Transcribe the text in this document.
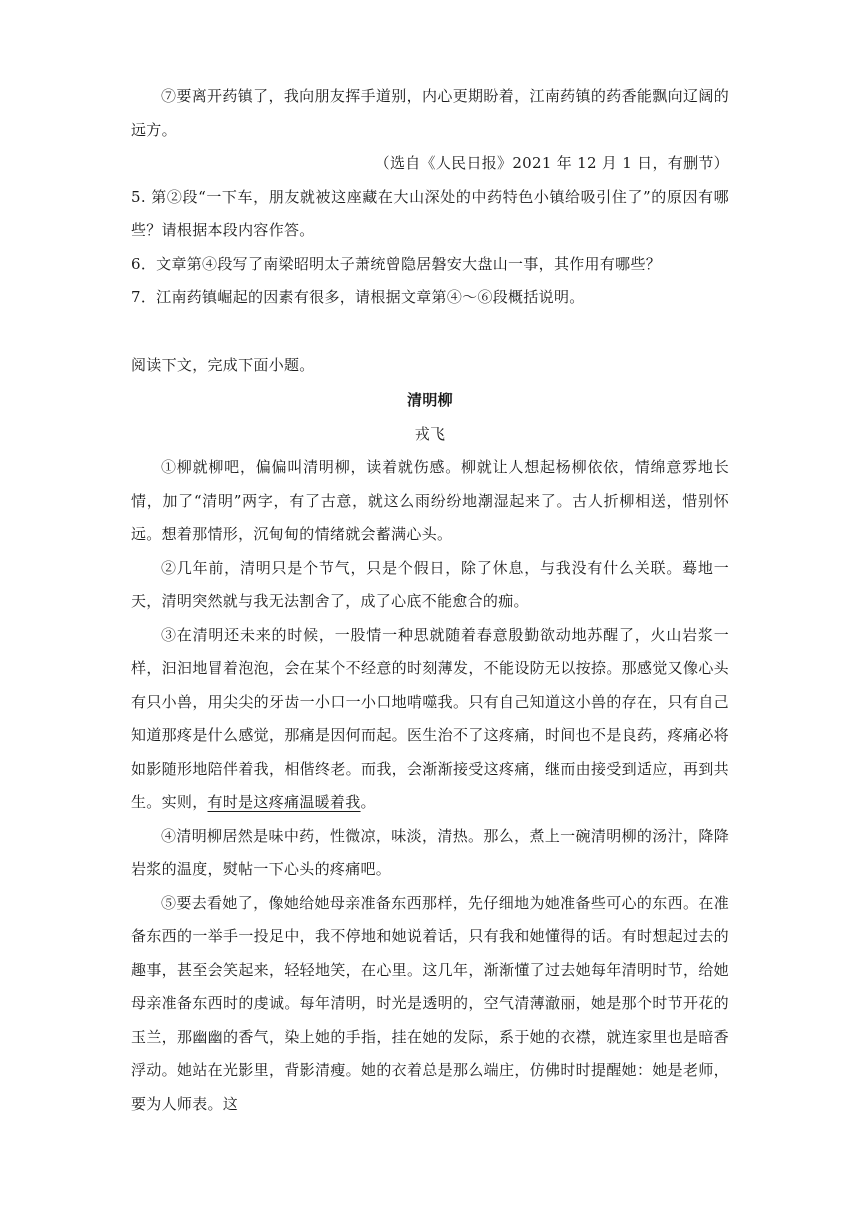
⑦要离开药镇了，我向朋友挥手道别，内心更期盼着，江南药镇的药香能飘向辽阔的远方。

（选自《人民日报》2021 年 12 月 1 日，有删节）

5. 第②段“一下车，朋友就被这座藏在大山深处的中药特色小镇给吸引住了”的原因有哪些？请根据本段内容作答。

6．文章第④段写了南梁昭明太子萧统曾隐居磐安大盘山一事，其作用有哪些？

7．江南药镇崛起的因素有很多，请根据文章第④～⑥段概括说明。

阅读下文，完成下面小题。

清明柳

戎飞

①柳就柳吧，偏偏叫清明柳，读着就伤感。柳就让人想起杨柳依依，情绵意雰地长情，加了“清明”两字，有了古意，就这么雨纷纷地潮湿起来了。古人折柳相送，惜别怀远。想着那情形，沉甸甸的情绪就会蓄满心头。

②几年前，清明只是个节气，只是个假日，除了休息，与我没有什么关联。蓦地一天，清明突然就与我无法割舍了，成了心底不能愈合的痂。

③在清明还未来的时候，一股情一种思就随着春意殷勤欲动地苏醒了，火山岩浆一样，汩汩地冒着泡泡，会在某个不经意的时刻薄发，不能设防无以按捺。那感觉又像心头有只小兽，用尖尖的牙齿一小口一小口地啃噬我。只有自己知道这小兽的存在，只有自己知道那疼是什么感觉，那痛是因何而起。医生治不了这疼痛，时间也不是良药，疼痛必将如影随形地陪伴着我，相偕终老。而我，会渐渐接受这疼痛，继而由接受到适应，再到共生。实则，有时是这疼痛温暖着我。

④清明柳居然是味中药，性微凉，味淡，清热。那么，煮上一碗清明柳的汤汁，降降岩浆的温度，熨帖一下心头的疼痛吧。

⑤要去看她了，像她给她母亲准备东西那样，先仔细地为她准备些可心的东西。在准备东西的一举手一投足中，我不停地和她说着话，只有我和她懂得的话。有时想起过去的趣事，甚至会笑起来，轻轻地笑，在心里。这几年，渐渐懂了过去她每年清明时节，给她母亲准备东西时的虔诚。每年清明，时光是透明的，空气清薄澈丽，她是那个时节开花的玉兰，那幽幽的香气，染上她的手指，挂在她的发际，系于她的衣襟，就连家里也是暗香浮动。她站在光影里，背影清瘦。她的衣着总是那么端庄，仿佛时时提醒她：她是老师，要为人师表。这
